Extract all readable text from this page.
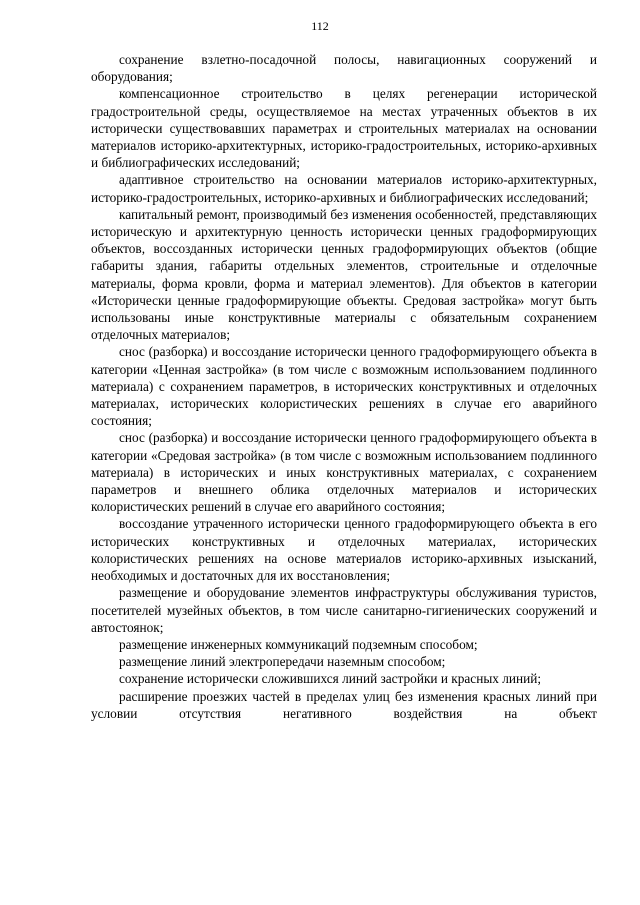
112

сохранение взлетно-посадочной полосы, навигационных сооружений и оборудования;

компенсационное строительство в целях регенерации исторической градостроительной среды, осуществляемое на местах утраченных объектов в их исторически существовавших параметрах и строительных материалах на основании материалов историко-архитектурных, историко-градостроительных, историко-архивных и библиографических исследований;

адаптивное строительство на основании материалов историко-архитектурных, историко-градостроительных, историко-архивных и библиографических исследований;

капитальный ремонт, производимый без изменения особенностей, представляющих историческую и архитектурную ценность исторически ценных градоформирующих объектов, воссозданных исторически ценных градоформирующих объектов (общие габариты здания, габариты отдельных элементов, строительные и отделочные материалы, форма кровли, форма и материал элементов). Для объектов в категории «Исторически ценные градоформирующие объекты. Средовая застройка» могут быть использованы иные конструктивные материалы с обязательным сохранением отделочных материалов;

снос (разборка) и воссоздание исторически ценного градоформирующего объекта в категории «Ценная застройка» (в том числе с возможным использованием подлинного материала) с сохранением параметров, в исторических конструктивных и отделочных материалах, исторических колористических решениях в случае его аварийного состояния;

снос (разборка) и воссоздание исторически ценного градоформирующего объекта в категории «Средовая застройка» (в том числе с возможным использованием подлинного материала) в исторических и иных конструктивных материалах, с сохранением параметров и внешнего облика отделочных материалов и исторических колористических решений в случае его аварийного состояния;

воссоздание утраченного исторически ценного градоформирующего объекта в его исторических конструктивных и отделочных материалах, исторических колористических решениях на основе материалов историко-архивных изысканий, необходимых и достаточных для их восстановления;

размещение и оборудование элементов инфраструктуры обслуживания туристов, посетителей музейных объектов, в том числе санитарно-гигиенических сооружений и автостоянок;

размещение инженерных коммуникаций подземным способом;

размещение линий электропередачи наземным способом;

сохранение исторически сложившихся линий застройки и красных линий;

расширение проезжих частей в пределах улиц без изменения красных линий при условии отсутствия негативного воздействия на объект
